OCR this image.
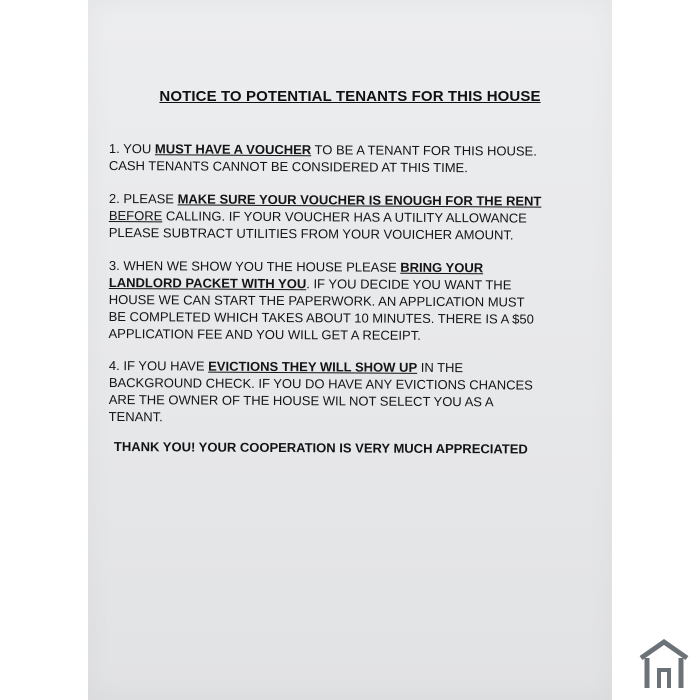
NOTICE TO POTENTIAL TENANTS FOR THIS HOUSE
1. YOU MUST HAVE A VOUCHER TO BE A TENANT FOR THIS HOUSE.
CASH TENANTS CANNOT BE CONSIDERED AT THIS TIME.
2. PLEASE MAKE SURE YOUR VOUCHER IS ENOUGH FOR THE RENT
BEFORE CALLING. IF YOUR VOUCHER HAS A UTILITY ALLOWANCE
PLEASE SUBTRACT UTILITIES FROM YOUR VOUICHER AMOUNT.
3. WHEN WE SHOW YOU THE HOUSE PLEASE BRING YOUR
LANDLORD PACKET WITH YOU. IF YOU DECIDE YOU WANT THE
HOUSE WE CAN START THE PAPERWORK. AN APPLICATION MUST
BE COMPLETED WHICH TAKES ABOUT 10 MINUTES. THERE IS A $50
APPLICATION FEE AND YOU WILL GET A RECEIPT.
4. IF YOU HAVE EVICTIONS THEY WILL SHOW UP IN THE
BACKGROUND CHECK. IF YOU DO HAVE ANY EVICTIONS CHANCES
ARE THE OWNER OF THE HOUSE WIL NOT SELECT YOU AS A
TENANT.
THANK YOU! YOUR COOPERATION IS VERY MUCH APPRECIATED
